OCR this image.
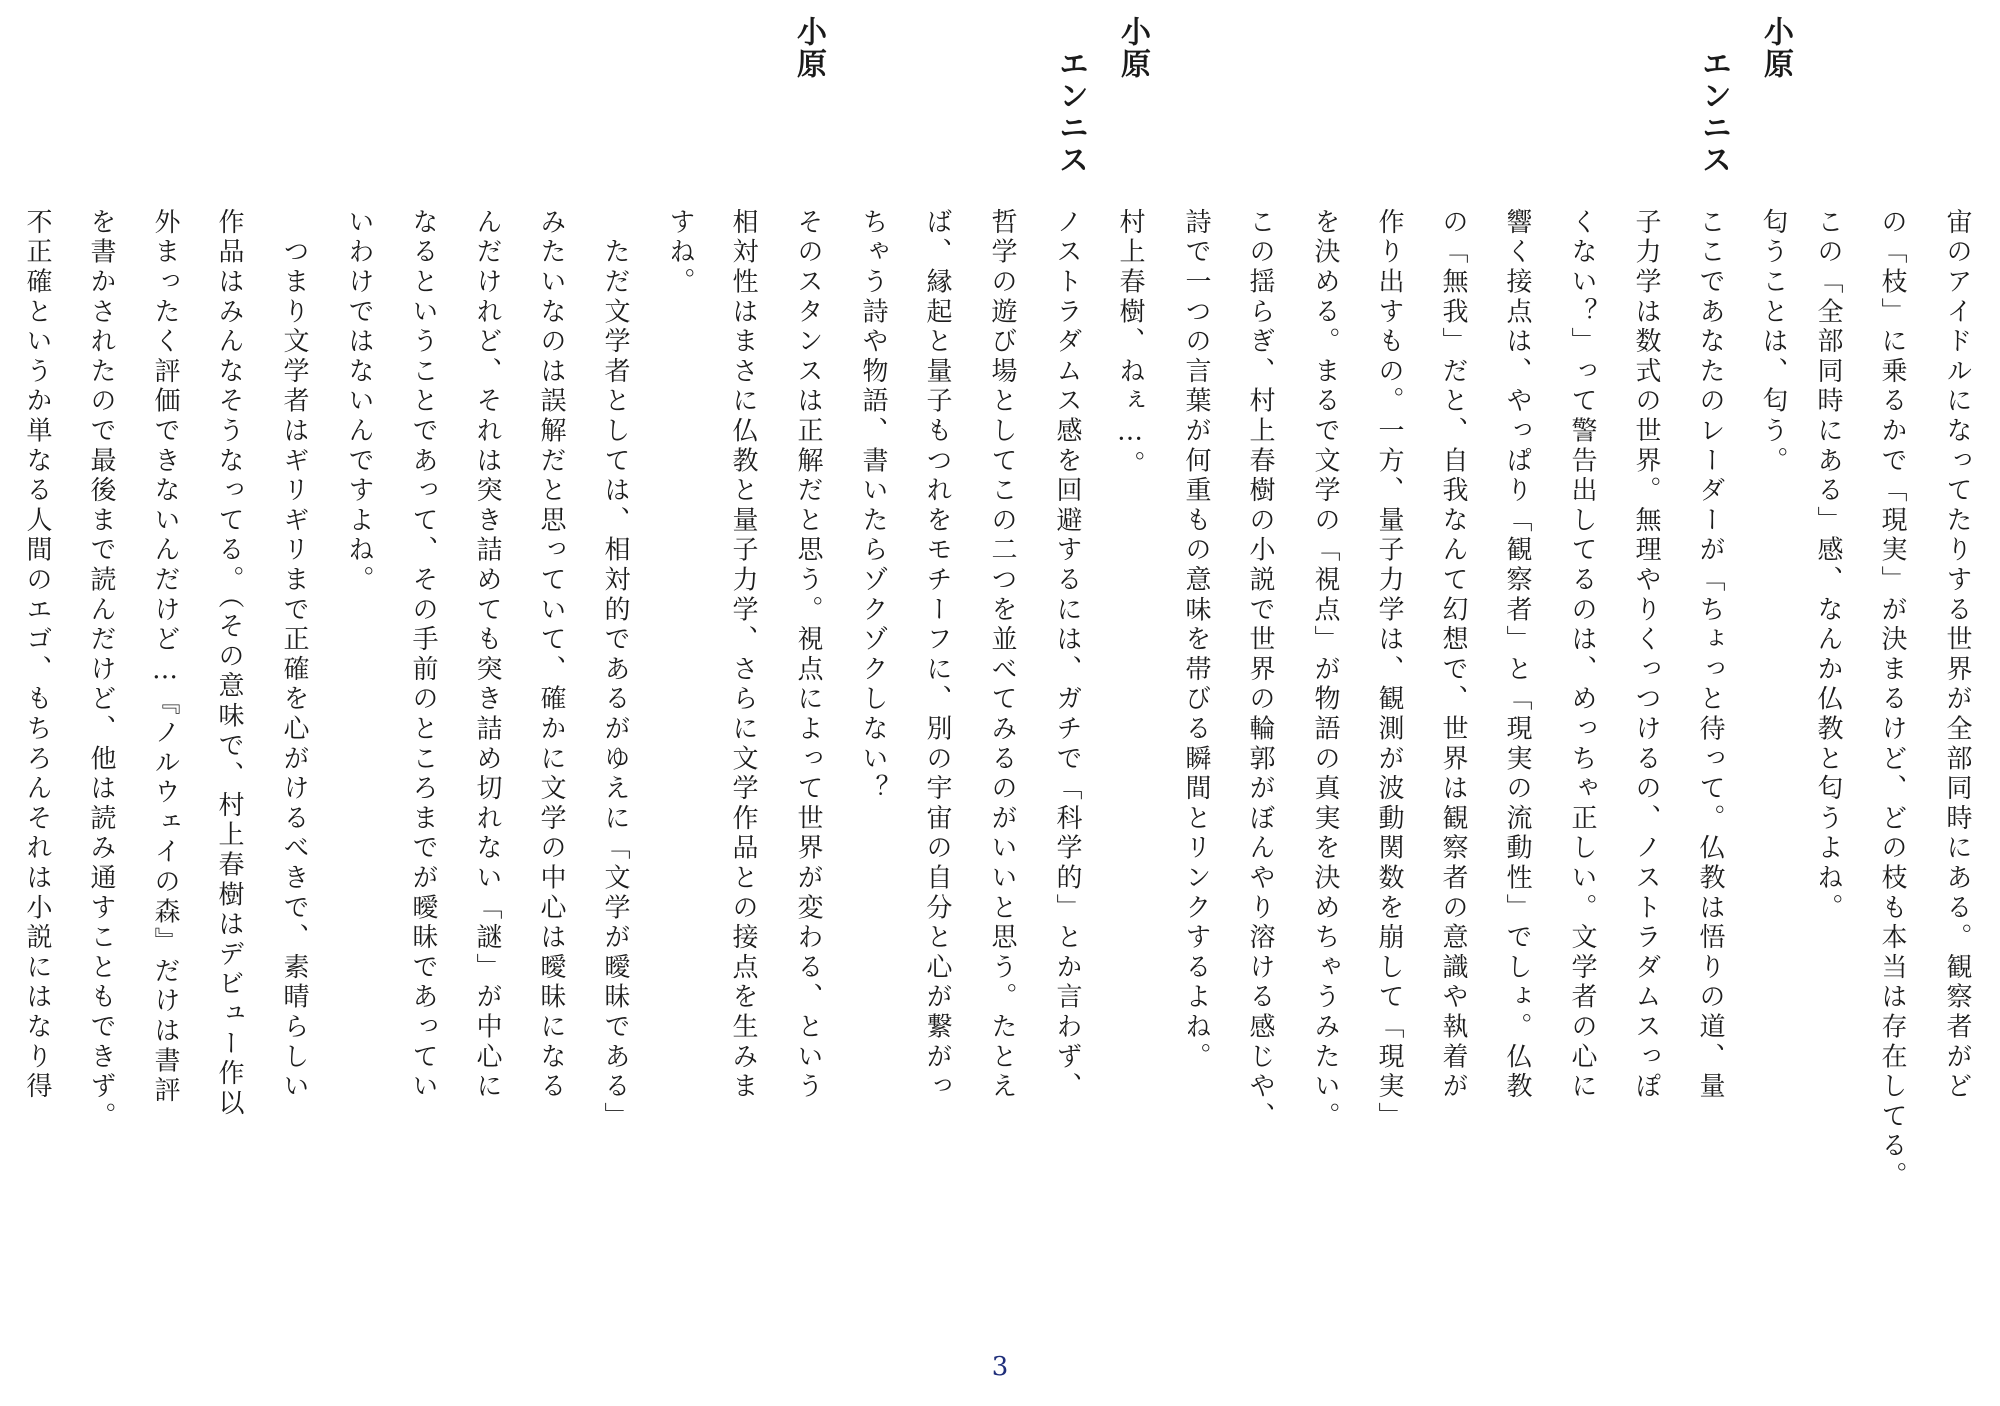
小原
エンニス
小原
エンニス
小原
宙のアイドルになってたりする世界が全部同時にある。観察者がど
の「枝」に乗るかで「現実」が決まるけど、どの枝も本当は存在してる。
この「全部同時にある」感、なんか仏教と匂うよね。
匂うことは、匂う。
ここであなたのレーダーが「ちょっと待って。仏教は悟りの道、量
子力学は数式の世界。無理やりくっつけるの、ノストラダムスっぽ
くない？」って警告出してるのは、めっちゃ正しい。文学者の心に
響く接点は、やっぱり「観察者」と「現実の流動性」でしょ。仏教
の「無我」だと、自我なんて幻想で、世界は観察者の意識や執着が
作り出すもの。一方、量子力学は、観測が波動関数を崩して「現実」
を決める。まるで文学の「視点」が物語の真実を決めちゃうみたい。
この揺らぎ、村上春樹の小説で世界の輪郭がぼんやり溶ける感じや、
詩で一つの言葉が何重もの意味を帯びる瞬間とリンクするよね。
村上春樹、ねぇ…。
ノストラダムス感を回避するには、ガチで「科学的」とか言わず、
哲学の遊び場としてこの二つを並べてみるのがいいと思う。たとえ
ば、縁起と量子もつれをモチーフに、別の宇宙の自分と心が繋がっ
ちゃう詩や物語、書いたらゾクゾクしない？
そのスタンスは正解だと思う。視点によって世界が変わる、という
相対性はまさに仏教と量子力学、さらに文学作品との接点を生みま
すね。
　ただ文学者としては、相対的であるがゆえに「文学が曖昧である」
みたいなのは誤解だと思っていて、確かに文学の中心は曖昧になる
んだけれど、それは突き詰めても突き詰め切れない「謎」が中心に
なるということであって、その手前のところまでが曖昧であってい
いわけではないんですよね。
　つまり文学者はギリギリまで正確を心がけるべきで、素晴らしい
作品はみんなそうなってる。（その意味で、村上春樹はデビュー作以
外まったく評価できないんだけど…『ノルウェイの森』だけは書評
を書かされたので最後まで読んだけど、他は読み通すこともできず。
不正確というか単なる人間のエゴ、もちろんそれは小説にはなり得
3
